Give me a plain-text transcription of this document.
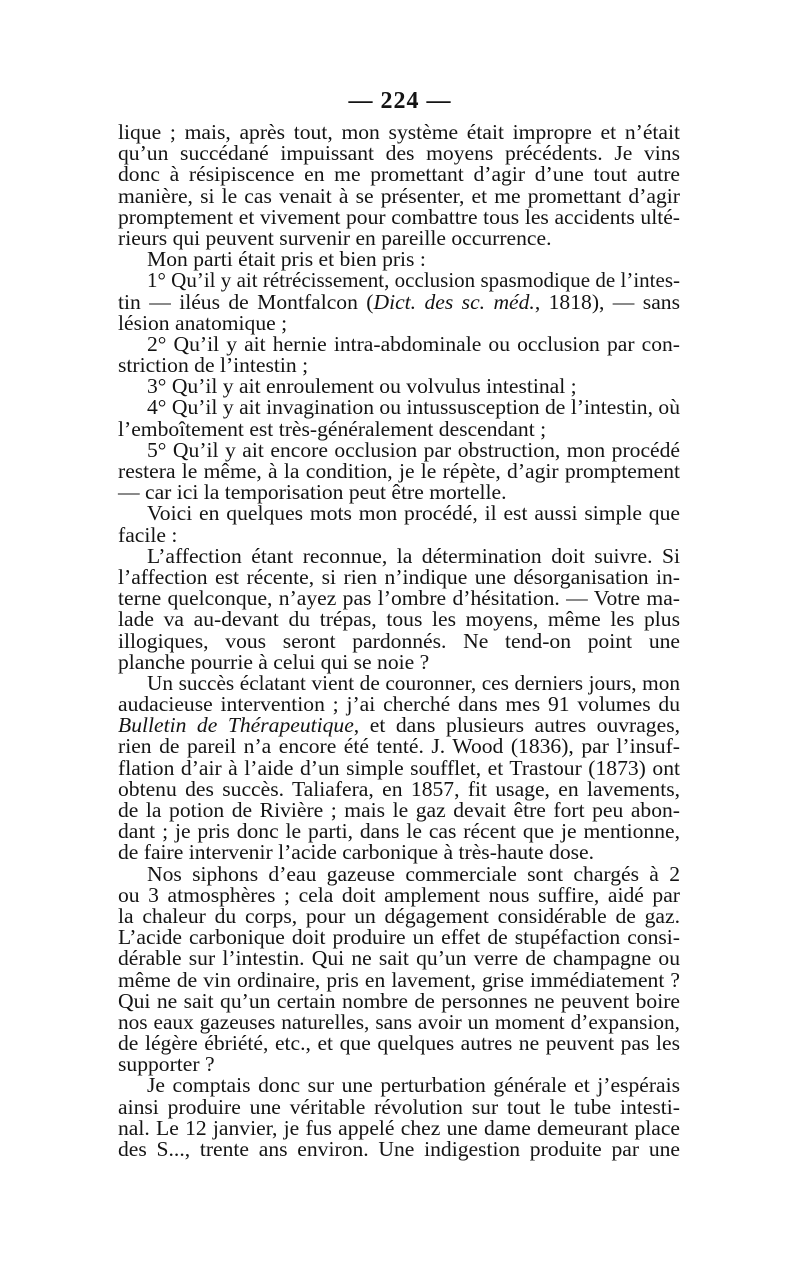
— 224 —
lique ; mais, après tout, mon système était impropre et n’était
qu’un succédané impuissant des moyens précédents. Je vins
donc à résipiscence en me promettant d’agir d’une tout autre
manière, si le cas venait à se présenter, et me promettant d’agir
promptement et vivement pour combattre tous les accidents ulté-
rieurs qui peuvent survenir en pareille occurrence.
Mon parti était pris et bien pris :
1° Qu’il y ait rétrécissement, occlusion spasmodique de l’intes-
tin — iléus de Montfalcon (Dict. des sc. méd., 1818), — sans
lésion anatomique ;
2° Qu’il y ait hernie intra-abdominale ou occlusion par con-
striction de l’intestin ;
3° Qu’il y ait enroulement ou volvulus intestinal ;
4° Qu’il y ait invagination ou intussusception de l’intestin, où
l’emboîtement est très-généralement descendant ;
5° Qu’il y ait encore occlusion par obstruction, mon procédé
restera le même, à la condition, je le répète, d’agir promptement
— car ici la temporisation peut être mortelle.
Voici en quelques mots mon procédé, il est aussi simple que
facile :
L’affection étant reconnue, la détermination doit suivre. Si
l’affection est récente, si rien n’indique une désorganisation in-
terne quelconque, n’ayez pas l’ombre d’hésitation. — Votre ma-
lade va au-devant du trépas, tous les moyens, même les plus
illogiques, vous seront pardonnés. Ne tend-on point une
planche pourrie à celui qui se noie ?
Un succès éclatant vient de couronner, ces derniers jours, mon
audacieuse intervention ; j’ai cherché dans mes 91 volumes du
Bulletin de Thérapeutique, et dans plusieurs autres ouvrages,
rien de pareil n’a encore été tenté. J. Wood (1836), par l’insuf-
flation d’air à l’aide d’un simple soufflet, et Trastour (1873) ont
obtenu des succès. Taliafera, en 1857, fit usage, en lavements,
de la potion de Rivière ; mais le gaz devait être fort peu abon-
dant ; je pris donc le parti, dans le cas récent que je mentionne,
de faire intervenir l’acide carbonique à très-haute dose.
Nos siphons d’eau gazeuse commerciale sont chargés à 2
ou 3 atmosphères ; cela doit amplement nous suffire, aidé par
la chaleur du corps, pour un dégagement considérable de gaz.
L’acide carbonique doit produire un effet de stupéfaction consi-
dérable sur l’intestin. Qui ne sait qu’un verre de champagne ou
même de vin ordinaire, pris en lavement, grise immédiatement ?
Qui ne sait qu’un certain nombre de personnes ne peuvent boire
nos eaux gazeuses naturelles, sans avoir un moment d’expansion,
de légère ébriété, etc., et que quelques autres ne peuvent pas les
supporter ?
Je comptais donc sur une perturbation générale et j’espérais
ainsi produire une véritable révolution sur tout le tube intesti-
nal. Le 12 janvier, je fus appelé chez une dame demeurant place
des S..., trente ans environ. Une indigestion produite par une
